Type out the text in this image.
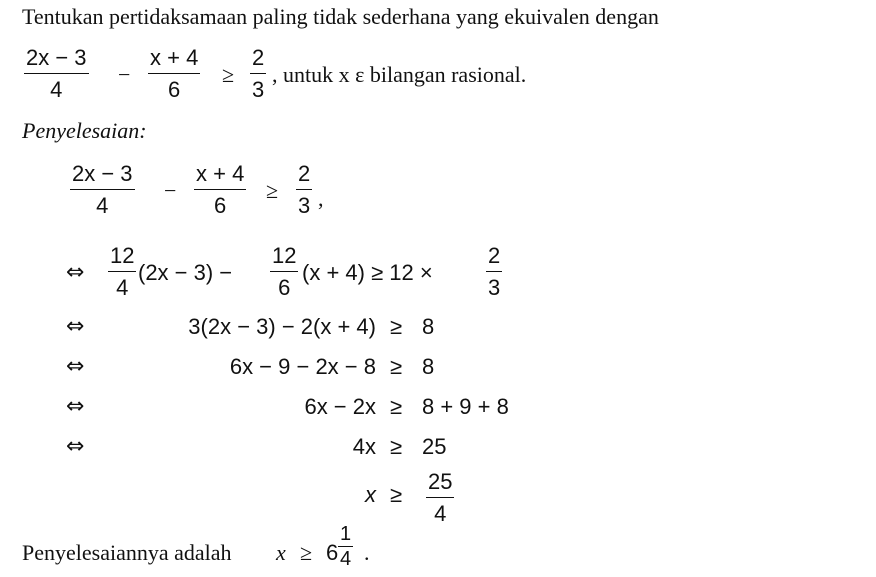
Tentukan pertidaksamaan paling tidak sederhana yang ekuivalen dengan
2x − 3
4
−
x + 4
6
≥
2
3
, untuk x ε bilangan rasional.
Penyelesaian:
2x − 3
4
−
x + 4
6
≥
2
3 ,
⇔
12
4
(2x − 3) −
12
6
(x + 4) ≥ 12 ×
2
3
⇔	3(2x − 3) − 2(x + 4) ≥ 8
⇔	6x − 9 − 2x − 8 ≥ 8
⇔	6x − 2x ≥ 8 + 9 + 8
⇔	4x ≥ 25
x ≥
25
4
Penyelesaiannya adalah x ≥ 6
1
4 .
